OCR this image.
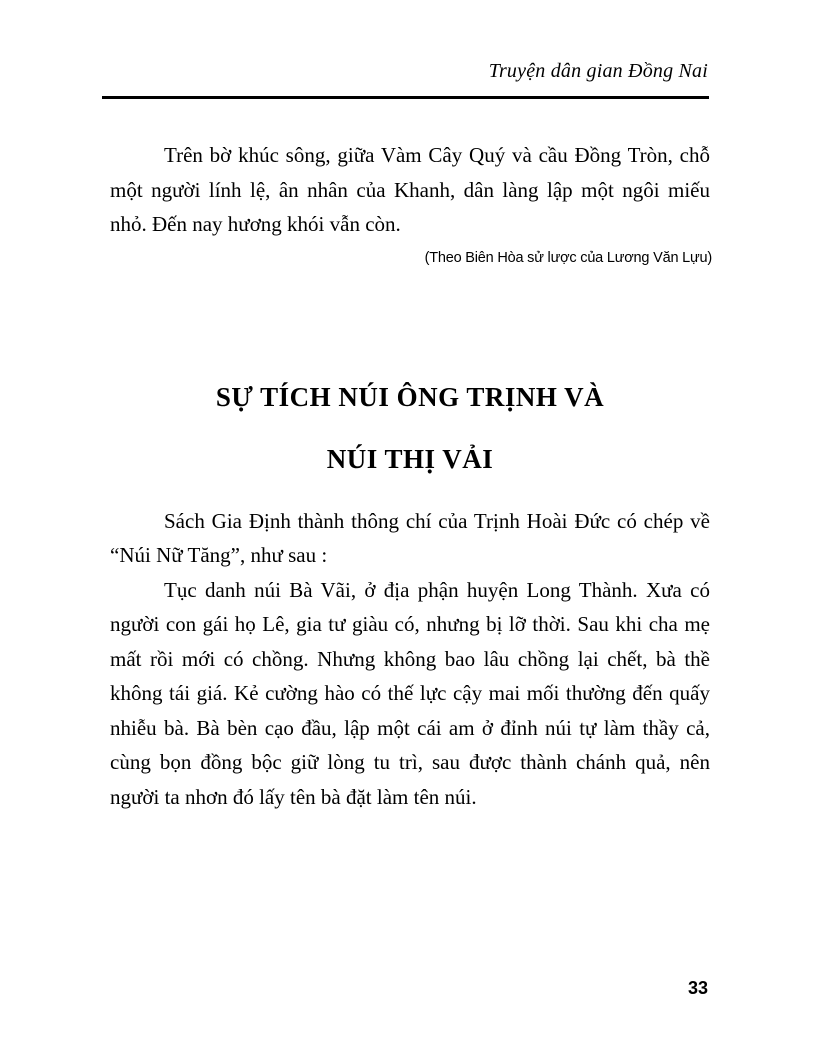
Truyện dân gian Đồng Nai

Trên bờ khúc sông, giữa Vàm Cây Quý và cầu Đồng Tròn, chỗ một người lính lệ, ân nhân của Khanh, dân làng lập một ngôi miếu nhỏ. Đến nay hương khói vẫn còn.

(Theo Biên Hòa sử lược của Lương Văn Lựu)
SỰ TÍCH NÚI ÔNG TRỊNH VÀ
NÚI THỊ VẢI

Sách Gia Định thành thông chí của Trịnh Hoài Đức có chép về “Núi Nữ Tăng”, như sau :

Tục danh núi Bà Vãi, ở địa phận huyện Long Thành. Xưa có người con gái họ Lê, gia tư giàu có, nhưng bị lỡ thời. Sau khi cha mẹ mất rồi mới có chồng. Nhưng không bao lâu chồng lại chết, bà thề không tái giá. Kẻ cường hào có thế lực cậy mai mối thường đến quấy nhiễu bà. Bà bèn cạo đầu, lập một cái am ở đỉnh núi tự làm thầy cả, cùng bọn đồng bộc giữ lòng tu trì, sau được thành chánh quả, nên người ta nhơn đó lấy tên bà đặt làm tên núi.

33
